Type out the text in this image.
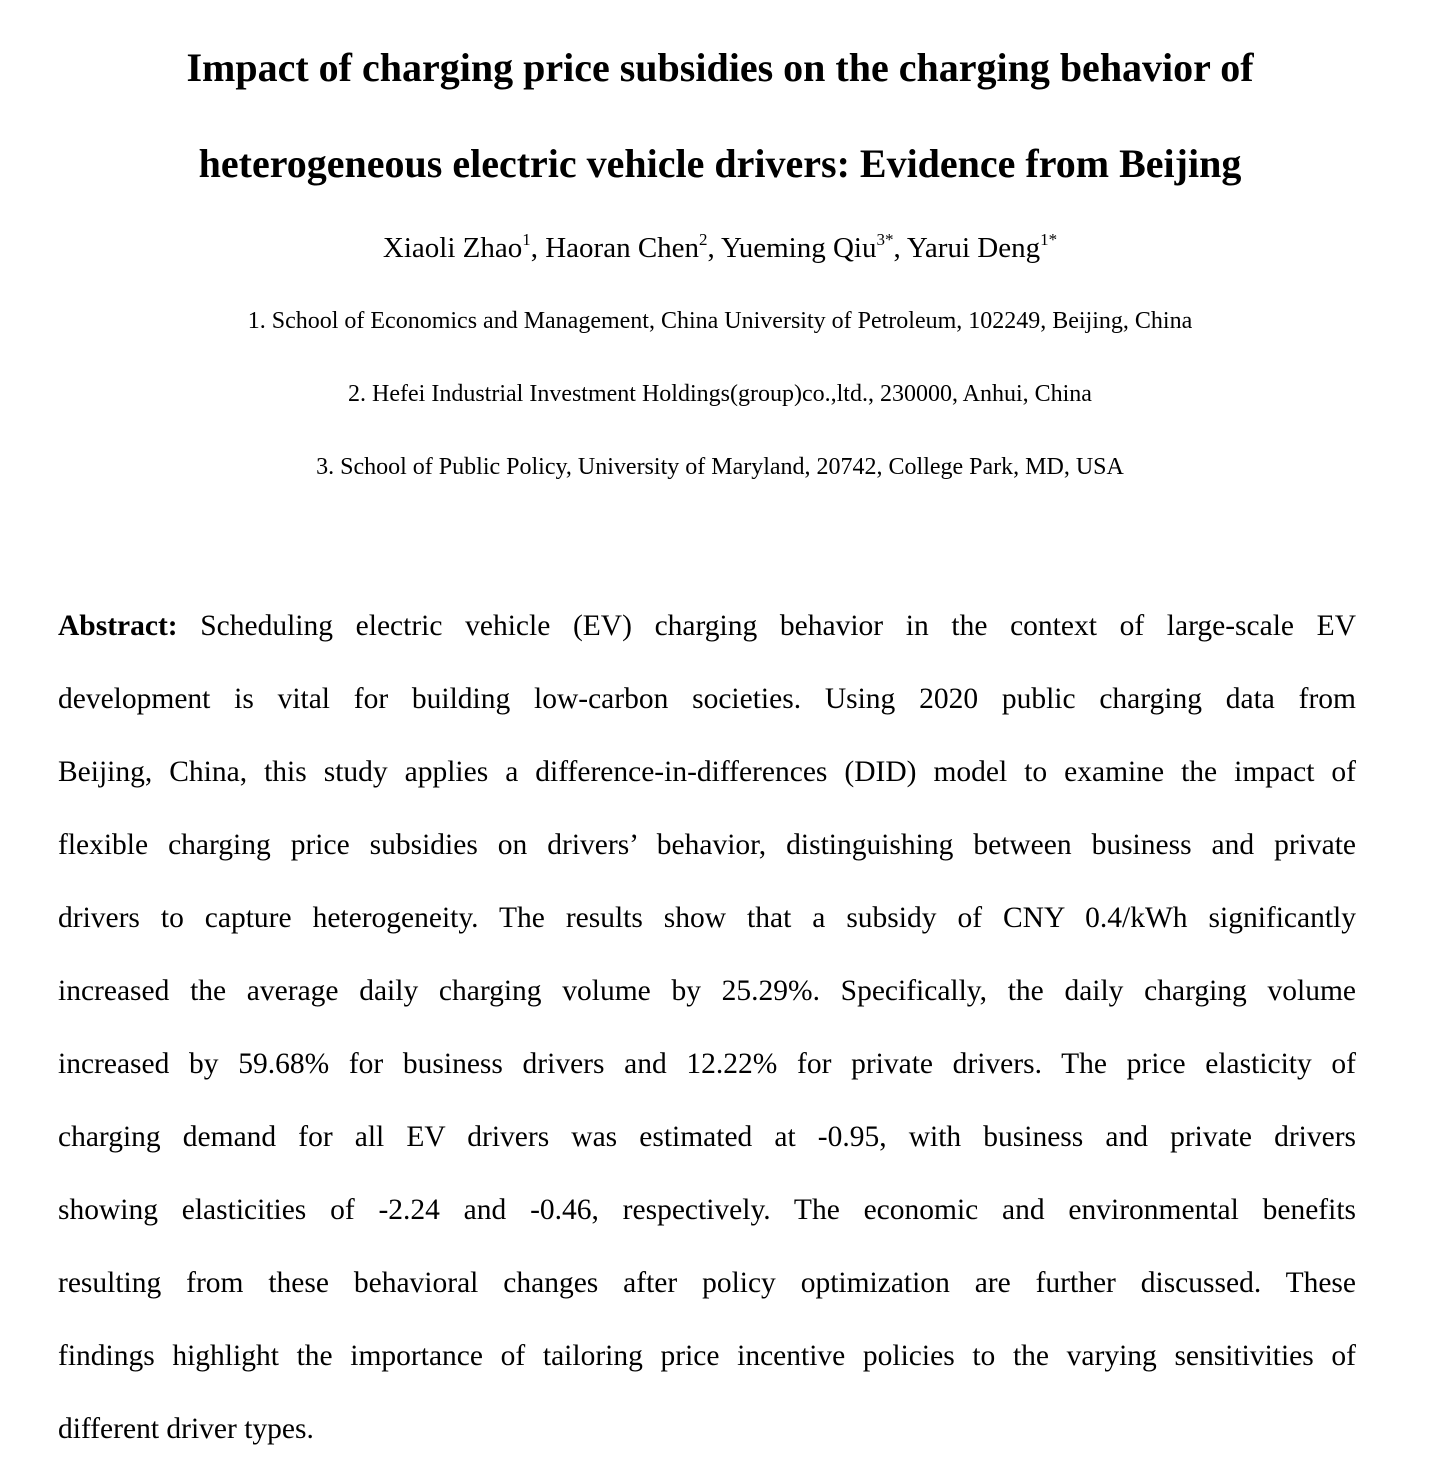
Impact of charging price subsidies on the charging behavior of
heterogeneous electric vehicle drivers: Evidence from Beijing
Xiaoli Zhao$^1$, Haoran Chen$^2$, Yueming Qiu$^{3*}$, Yarui Deng$^{1*}$
1. School of Economics and Management, China University of Petroleum, 102249, Beijing, China
2. Hefei Industrial Investment Holdings(group)co.,ltd., 230000, Anhui, China
3. School of Public Policy, University of Maryland, 20742, College Park, MD, USA
Abstract: Scheduling electric vehicle (EV) charging behavior in the context of large-scale EV
development is vital for building low-carbon societies. Using 2020 public charging data from
Beijing, China, this study applies a difference-in-differences (DID) model to examine the impact of
flexible charging price subsidies on drivers’ behavior, distinguishing between business and private
drivers to capture heterogeneity. The results show that a subsidy of CNY 0.4/kWh significantly
increased the average daily charging volume by 25.29%. Specifically, the daily charging volume
increased by 59.68% for business drivers and 12.22% for private drivers. The price elasticity of
charging demand for all EV drivers was estimated at -0.95, with business and private drivers
showing elasticities of -2.24 and -0.46, respectively. The economic and environmental benefits
resulting from these behavioral changes after policy optimization are further discussed. These
findings highlight the importance of tailoring price incentive policies to the varying sensitivities of
different driver types.
